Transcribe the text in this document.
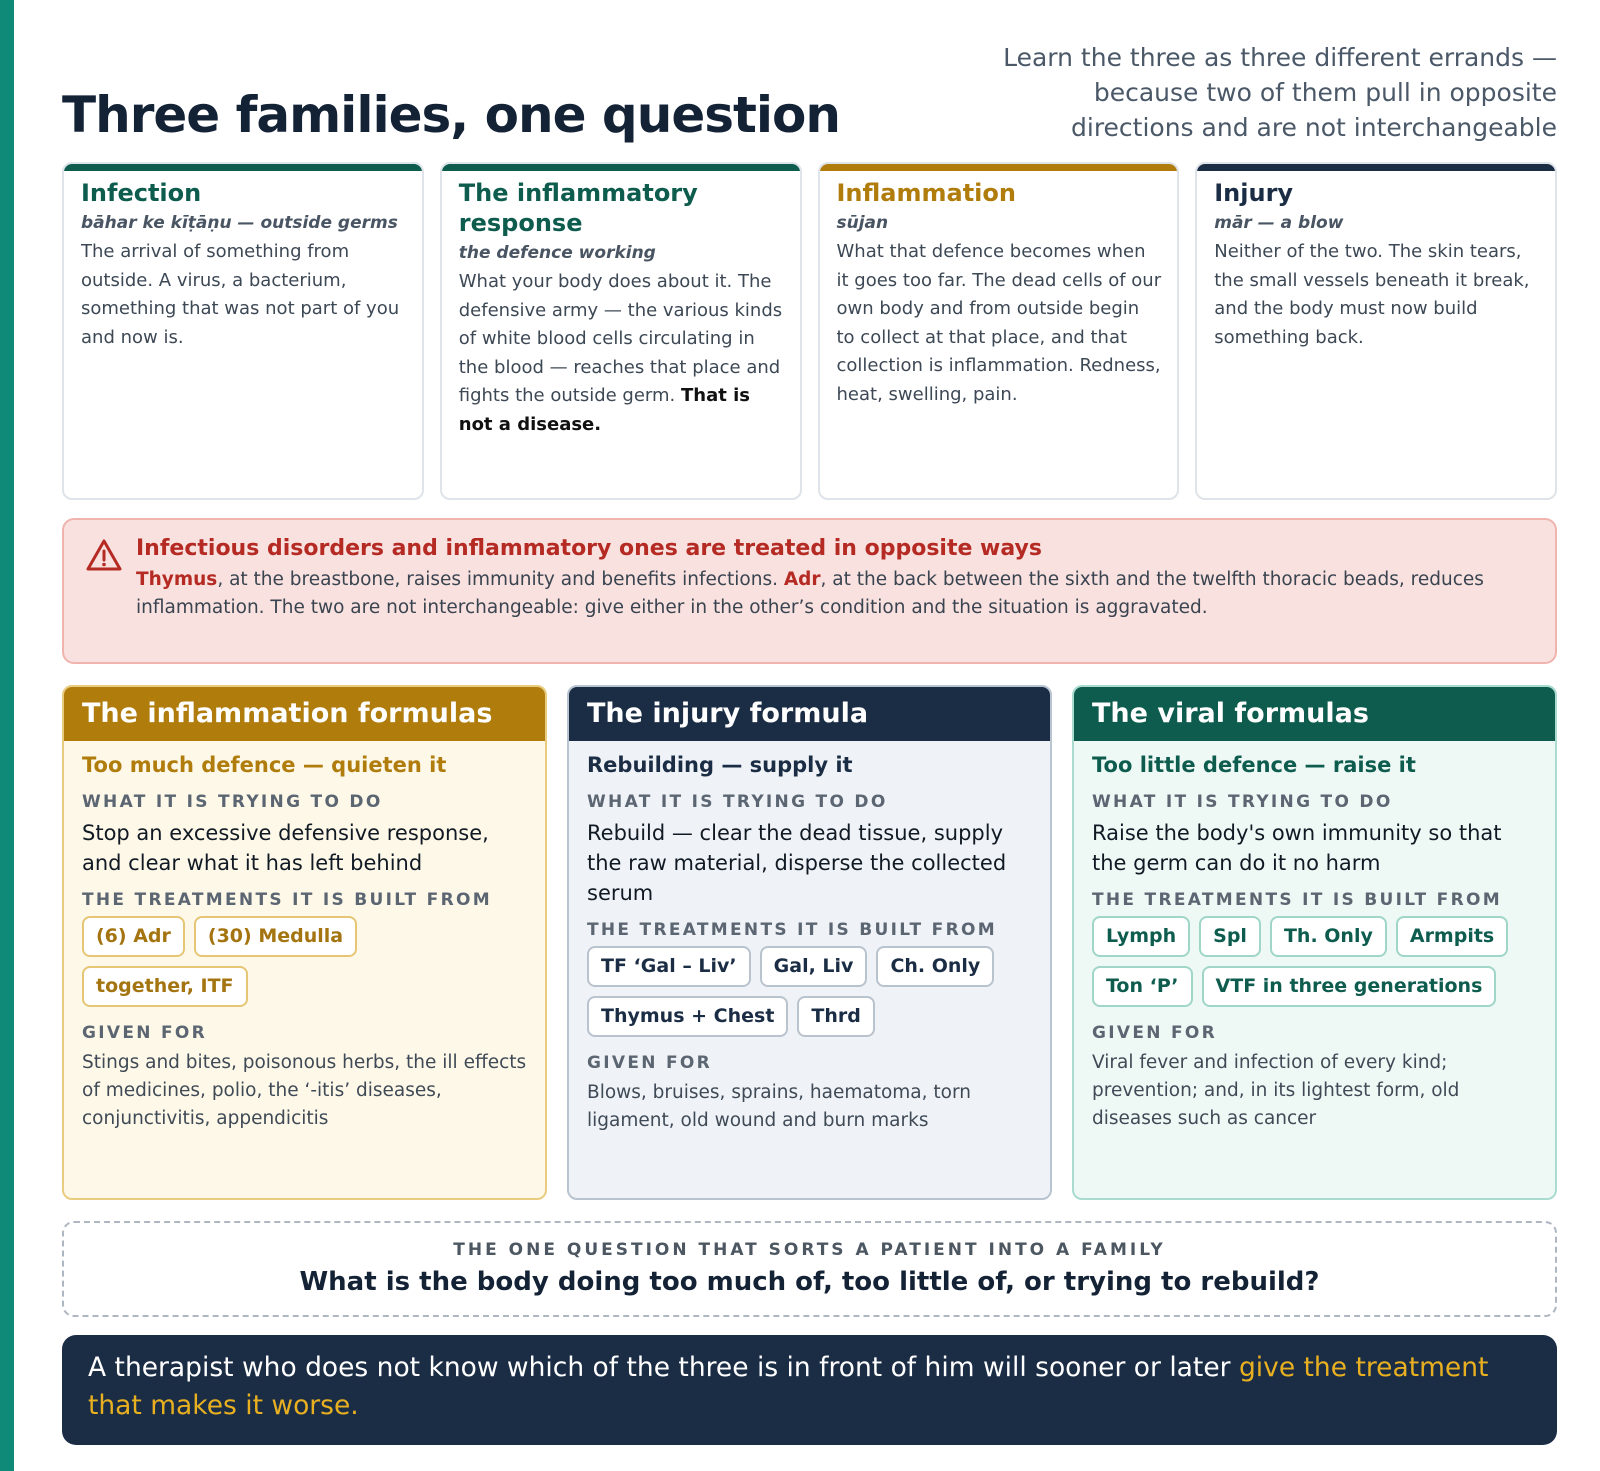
Three families, one question
Learn the three as three different errands — because two of them pull in opposite directions and are not interchangeable
Infection
bāhar ke kīṭāṇu — outside germs

The arrival of something from outside. A virus, a bacterium, something that was not part of you and now is.

The inflammatory response
the defence working

What your body does about it. The defensive army — the various kinds of white blood cells circulating in the blood — reaches that place and fights the outside germ. That is not a disease.

Inflammation
sūjan

What that defence becomes when it goes too far. The dead cells of our own body and from outside begin to collect at that place, and that collection is inflammation. Redness, heat, swelling, pain.

Injury
mār — a blow

Neither of the two. The skin tears, the small vessels beneath it break, and the body must now build something back.

Infectious disorders and inflammatory ones are treated in opposite ways

Thymus, at the breastbone, raises immunity and benefits infections. Adr, at the back between the sixth and the twelfth thoracic beads, reduces inflammation. The two are not interchangeable: give either in the other’s condition and the situation is aggravated.

The inflammation formulas
Too much defence — quieten it
WHAT IT IS TRYING TO DO
Stop an excessive defensive response, and clear what it has left behind
THE TREATMENTS IT IS BUILT FROM
(6) Adr	(30) Medulla
together, ITF
GIVEN FOR
Stings and bites, poisonous herbs, the ill effects of medicines, polio, the ‘-itis’ diseases, conjunctivitis, appendicitis
The injury formula
Rebuilding — supply it
WHAT IT IS TRYING TO DO
Rebuild — clear the dead tissue, supply the raw material, disperse the collected serum
THE TREATMENTS IT IS BUILT FROM
TF ‘Gal – Liv’	Gal, Liv	Ch. Only
Thymus + Chest	Thrd
GIVEN FOR
Blows, bruises, sprains, haematoma, torn ligament, old wound and burn marks
The viral formulas
Too little defence — raise it
WHAT IT IS TRYING TO DO
Raise the body's own immunity so that the germ can do it no harm
THE TREATMENTS IT IS BUILT FROM
Lymph	Spl	Th. Only	Armpits
Ton ‘P’	VTF in three generations
GIVEN FOR
Viral fever and infection of every kind; prevention; and, in its lightest form, old diseases such as cancer
THE ONE QUESTION THAT SORTS A PATIENT INTO A FAMILY
What is the body doing too much of, too little of, or trying to rebuild?
A therapist who does not know which of the three is in front of him will sooner or later give the treatment that makes it worse.
